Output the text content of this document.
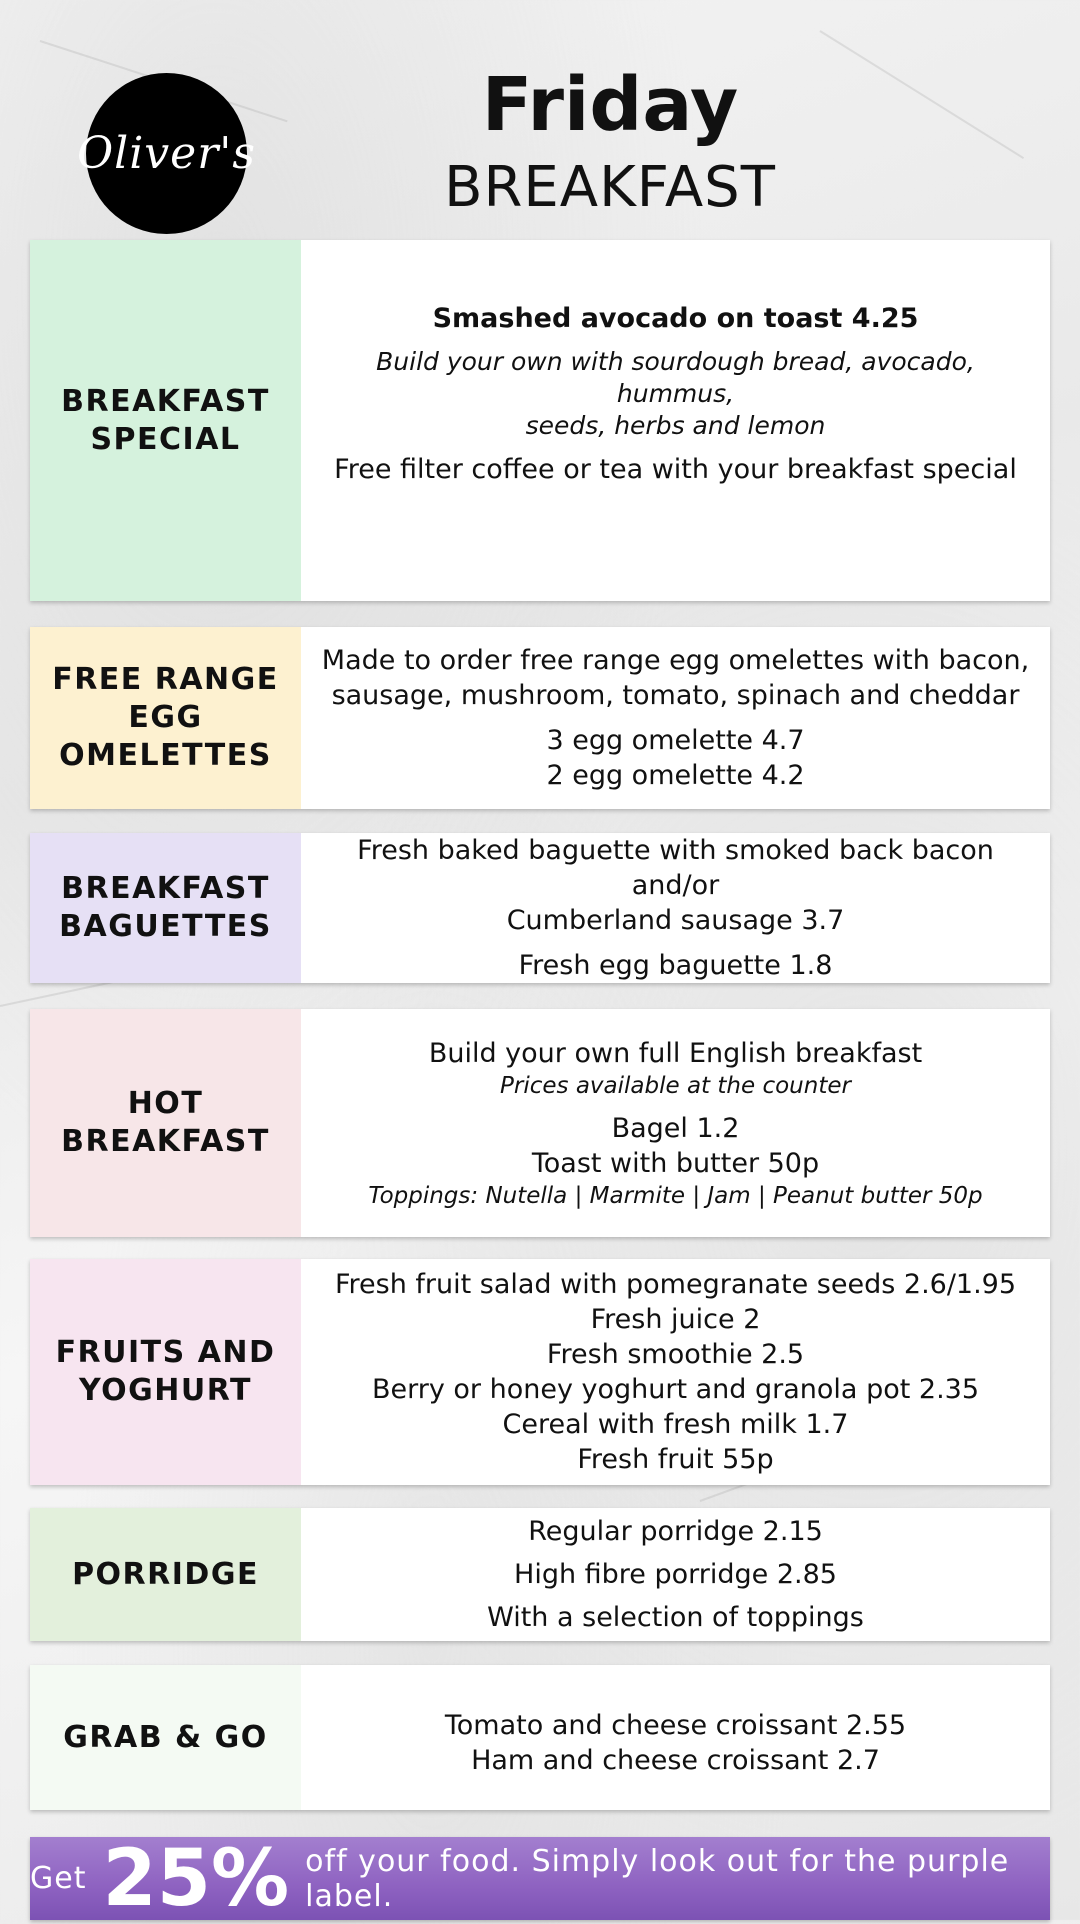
Oliver's
Friday
BREAKFAST
BREAKFAST
SPECIAL
Smashed avocado on toast 4.25
Build your own with sourdough bread, avocado, hummus,
seeds, herbs and lemon
Free filter coffee or tea with your breakfast special
FREE RANGE
EGG
OMELETTES
Made to order free range egg omelettes with bacon,
sausage, mushroom, tomato, spinach and cheddar
3 egg omelette 4.7
2 egg omelette 4.2
BREAKFAST
BAGUETTES
Fresh baked baguette with smoked back bacon and/or
Cumberland sausage 3.7
Fresh egg baguette 1.8
HOT
BREAKFAST
Build your own full English breakfast
Prices available at the counter
Bagel 1.2
Toast with butter 50p
Toppings: Nutella | Marmite | Jam | Peanut butter 50p
FRUITS AND
YOGHURT
Fresh fruit salad with pomegranate seeds 2.6/1.95
Fresh juice 2
Fresh smoothie 2.5
Berry or honey yoghurt and granola pot 2.35
Cereal with fresh milk 1.7
Fresh fruit 55p
PORRIDGE
Regular porridge 2.15
High fibre porridge 2.85
With a selection of toppings
GRAB & GO	Tomato and cheese croissant 2.55
Ham and cheese croissant 2.7
Get 25% off your food. Simply look out for the purple label.
